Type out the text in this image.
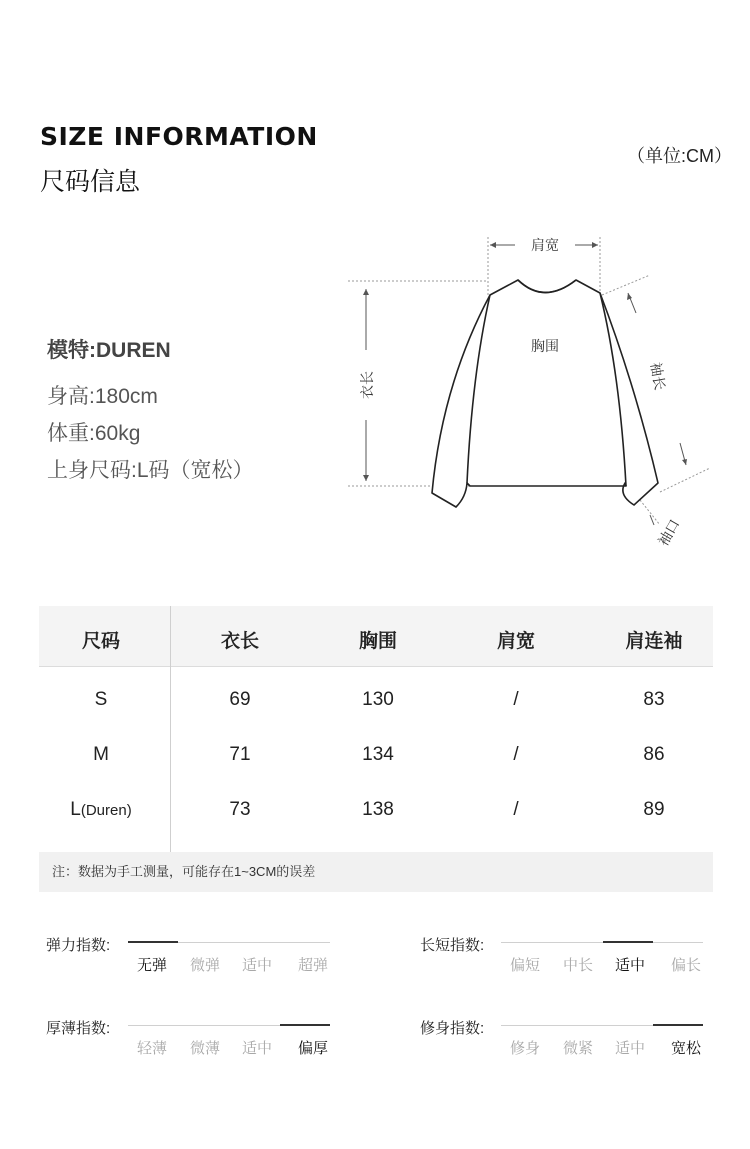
SIZE INFORMATION
尺码信息
（单位:CM）
模特:DUREN
身高:180cm
体重:60kg
上身尺码:L码（宽松）
肩宽
胸围
衣长	袖长
袖口
尺码	衣长	胸围	肩宽	肩连袖
S	69	130	/	83
M	71	134	/	86
L(Duren)	73	138	/	89
注：数据为手工测量，可能存在1~3CM的误差
弹力指数:
无弹	微弹	适中	超弹
长短指数:
偏短	中长	适中	偏长
厚薄指数:
轻薄	微薄	适中	偏厚
修身指数:
修身	微紧	适中	宽松
